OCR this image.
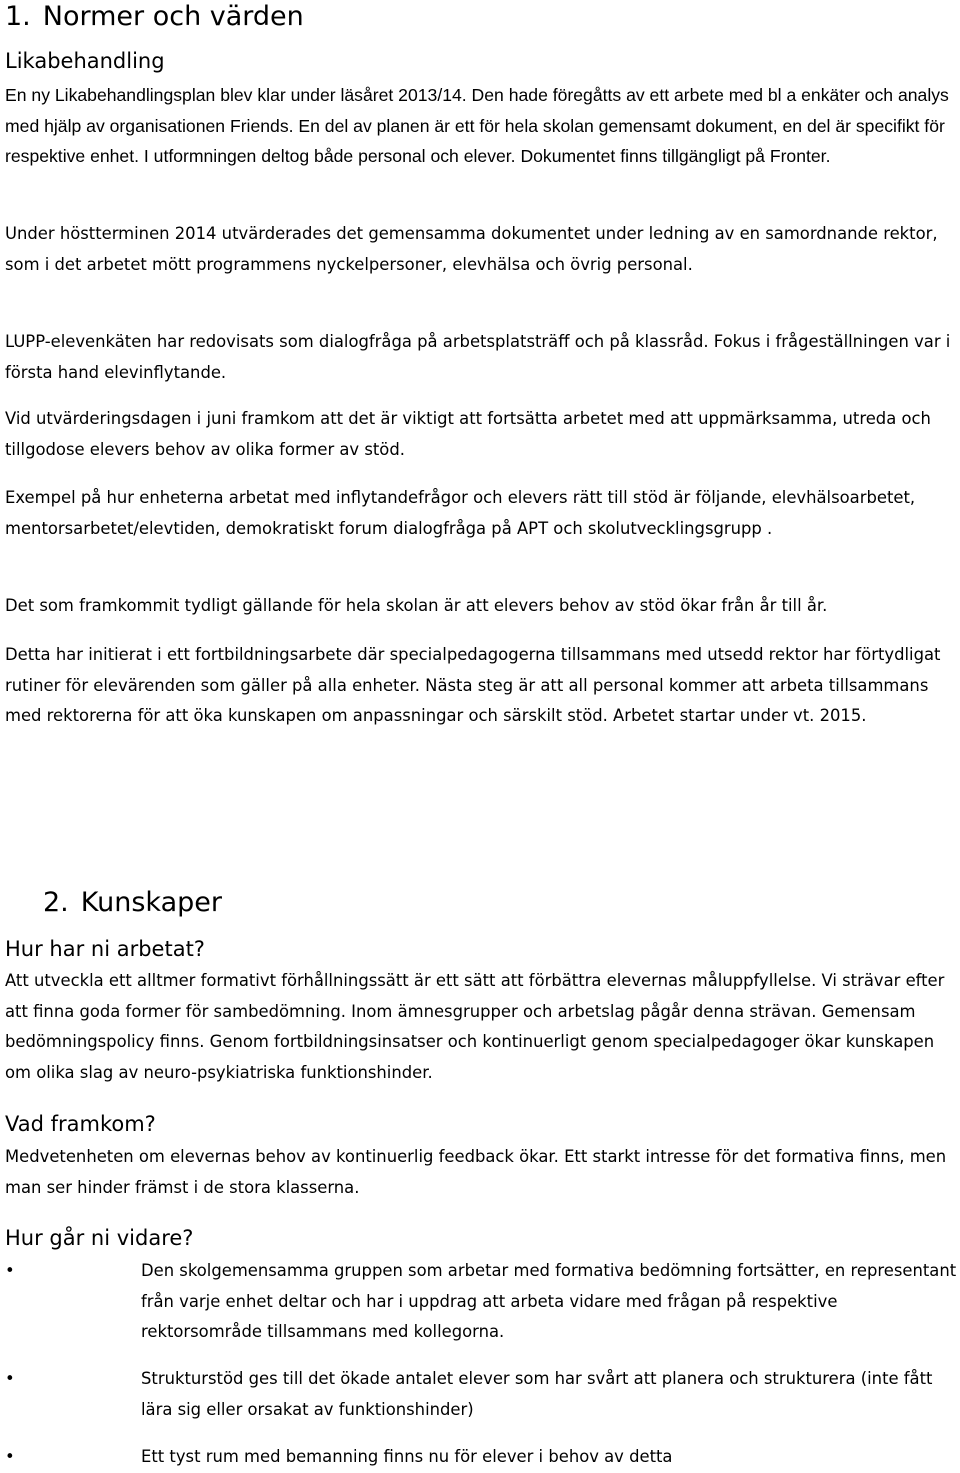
1. Normer och värden
Likabehandling

En ny Likabehandlingsplan blev klar under läsåret 2013/14. Den hade föregåtts av ett arbete med bl a enkäter och analys med hjälp av organisationen Friends. En del av planen är ett för hela skolan gemensamt dokument, en del är specifikt för respektive enhet. I utformningen deltog både personal och elever. Dokumentet finns tillgängligt på Fronter.

Under höstterminen 2014 utvärderades det gemensamma dokumentet under ledning av en samordnande rektor, som i det arbetet mött programmens nyckelpersoner, elevhälsa och övrig personal.

LUPP-elevenkäten har redovisats som dialogfråga på arbetsplatsträff och på klassråd. Fokus i frågeställningen var i första hand elevinflytande.

Vid utvärderingsdagen i juni framkom att det är viktigt att fortsätta arbetet med att uppmärksamma, utreda och tillgodose elevers behov av olika former av stöd.

Exempel på hur enheterna arbetat med inflytandefrågor och elevers rätt till stöd är följande, elevhälsoarbetet, mentorsarbetet/elevtiden, demokratiskt forum dialogfråga på APT och skolutvecklingsgrupp .

Det som framkommit tydligt gällande för hela skolan är att elevers behov av stöd ökar från år till år.

Detta har initierat i ett fortbildningsarbete där specialpedagogerna tillsammans med utsedd rektor har förtydligat rutiner för elevärenden som gäller på alla enheter. Nästa steg är att all personal kommer att arbeta tillsammans med rektorerna för att öka kunskapen om anpassningar och särskilt stöd. Arbetet startar under vt. 2015.

2. Kunskaper
Hur har ni arbetat?

Att utveckla ett alltmer formativt förhållningssätt är ett sätt att förbättra elevernas måluppfyllelse. Vi strävar efter att finna goda former för sambedömning. Inom ämnesgrupper och arbetslag pågår denna strävan. Gemensam bedömningspolicy finns. Genom fortbildningsinsatser och kontinuerligt genom specialpedagoger ökar kunskapen om olika slag av neuro-psykiatriska funktionshinder.

Vad framkom?

Medvetenheten om elevernas behov av kontinuerlig feedback ökar. Ett starkt intresse för det formativa finns, men man ser hinder främst i de stora klasserna.

Hur går ni vidare?
•	Den skolgemensamma gruppen som arbetar med formativa bedömning fortsätter, en representant från varje enhet deltar och har i uppdrag att arbeta vidare med frågan på respektive rektorsområde tillsammans med kollegorna.

•	Strukturstöd ges till det ökade antalet elever som har svårt att planera och strukturera (inte fått lära sig eller orsakat av funktionshinder)

•	Ett tyst rum med bemanning finns nu för elever i behov av detta
